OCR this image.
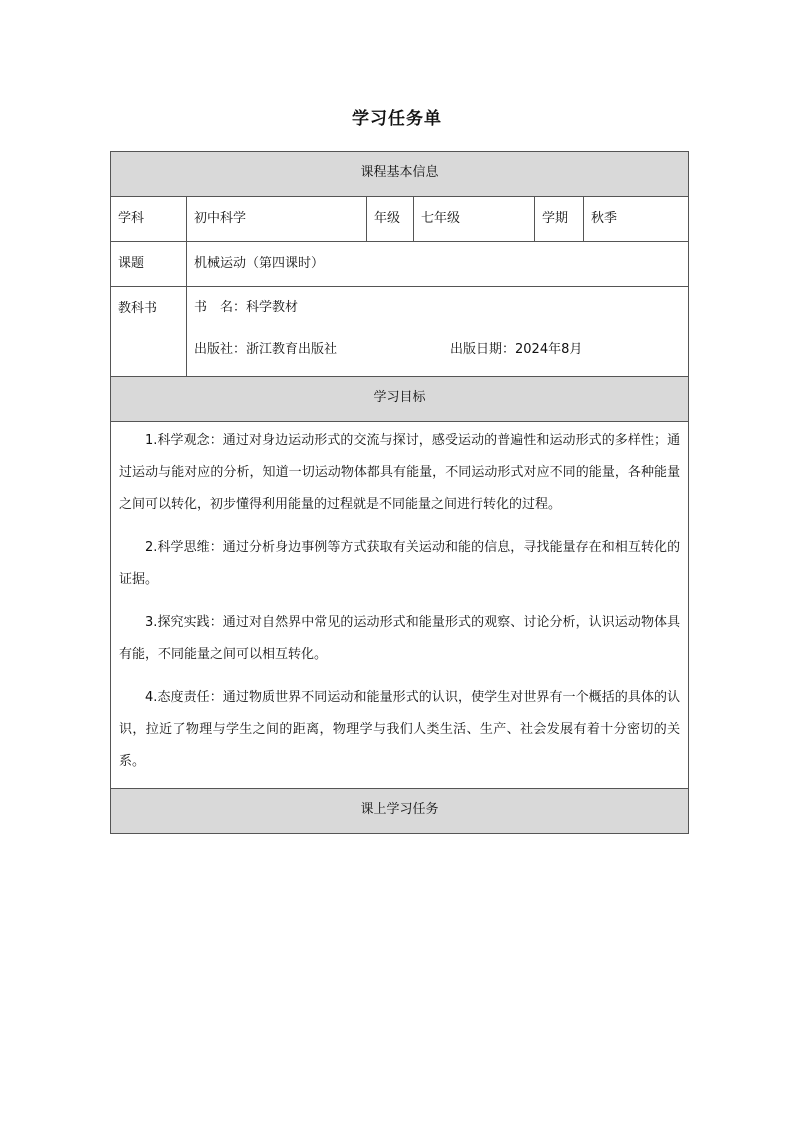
学习任务单
课程基本信息					

学科	初中科学	年级	七年级	学期	秋季

课题	机械运动（第四课时）				

教科书	书　名：科学教材
出版社：浙江教育出版社 出版日期：2024年8月				

学习目标					

1.科学观念：通过对身边运动形式的交流与探讨，感受运动的普遍性和运动形式的多样性；通过运动与能对应的分析，知道一切运动物体都具有能量，不同运动形式对应不同的能量，各种能量之间可以转化，初步懂得利用能量的过程就是不同能量之间进行转化的过程。

2.科学思维：通过分析身边事例等方式获取有关运动和能的信息，寻找能量存在和相互转化的证据。

3.探究实践：通过对自然界中常见的运动形式和能量形式的观察、讨论分析，认识运动物体具有能，不同能量之间可以相互转化。

4.态度责任：通过物质世界不同运动和能量形式的认识，使学生对世界有一个概括的具体的认识，拉近了物理与学生之间的距离，物理学与我们人类生活、生产、社会发展有着十分密切的关系。					

课上学习任务					
